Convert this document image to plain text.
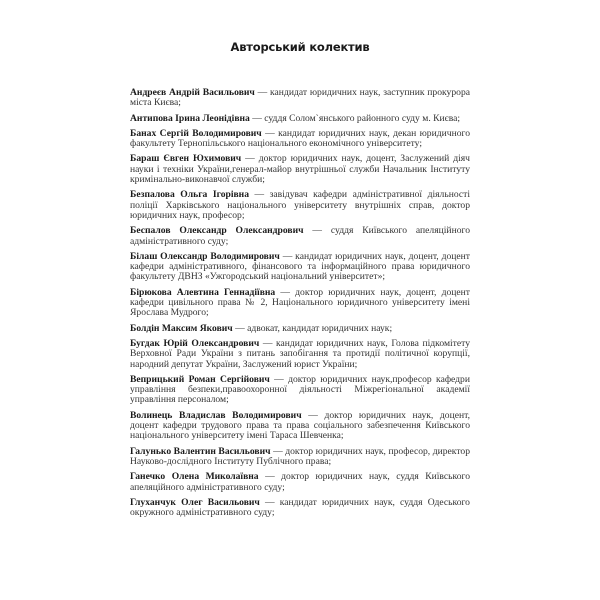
Авторський колектив

Андреєв Андрій Васильович — кандидат юридичних наук, заступник прокурора міста Києва;

Антипова Ірина Леонідівна — суддя Солом`янського районного суду м. Києва;

Банах Сергій Володимирович — кандидат юридичних наук, декан юридичного факультету Тернопільського національного економічного університету;

Бараш Євген Юхимович — доктор юридичних наук, доцент, Заслужений діяч науки і техніки України,генерал-майор внутрішньої служби Начальник Інституту кримінально-виконавчої служби;

Безпалова Ольга Ігорівна — завідувач кафедри адміністративної діяльності поліції Харківського національного університету внутрішніх справ, доктор юридичних наук, професор;

Беспалов Олександр Олександрович — суддя Київського апеляційного адміністративного суду;

Білаш Олександр Володимирович — кандидат юридичних наук, доцент, доцент кафедри адміністративного, фінансового та інформаційного права юридичного факультету ДВНЗ «Ужгородський національний університет»;

Бірюкова Алевтина Геннадіївна — доктор юридичних наук, доцент, доцент кафедри цивільного права № 2, Національного юридичного університету імені Ярослава Мудрого;

Болдін Максим Якович — адвокат, кандидат юридичних наук;

Бугдак Юрій Олександрович — кандидат юридичних наук, Голова підкомітету Верховної Ради України з питань запобігання та протидії політичної корупції, народний депутат України, Заслужений юрист України;

Веприцький Роман Сергійович — доктор юридичних наук,професор кафедри управління безпеки,правоохоронної діяльності Міжрегіональної академії управління персоналом;

Волинець Владислав Володимирович — доктор юридичних наук, доцент, доцент кафедри трудового права та права соціального забезпечення Київського національного університету імені Тараса Шевченка;

Галунько Валентин Васильович — доктор юридичних наук, професор, директор Науково-дослідного Інституту Публічного права;

Ганечко Олена Миколаївна — доктор юридичних наук, суддя Київського апеляційного адміністративного суду;

Глуханчук Олег Васильович — кандидат юридичних наук, суддя Одеського окружного адміністративного суду;
